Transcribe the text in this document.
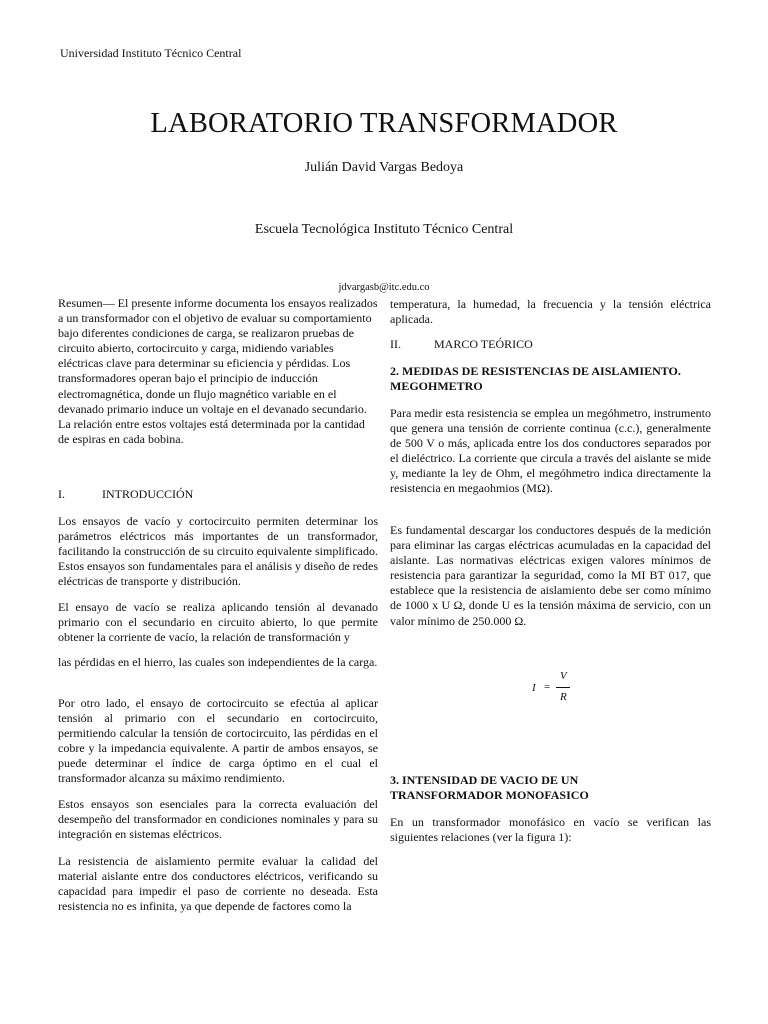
Universidad Instituto Técnico Central
LABORATORIO TRANSFORMADOR
Julián David Vargas Bedoya
Escuela Tecnológica Instituto Técnico Central
jdvargasb@itc.edu.co

Resumen— El presente informe documenta los ensayos realizados a un transformador con el objetivo de evaluar su comportamiento bajo diferentes condiciones de carga, se realizaron pruebas de circuito abierto, cortocircuito y carga, midiendo variables eléctricas clave para determinar su eficiencia y pérdidas. Los transformadores operan bajo el principio de inducción electromagnética, donde un flujo magnético variable en el devanado primario induce un voltaje en el devanado secundario. La relación entre estos voltajes está determinada por la cantidad de espiras en cada bobina.

I.	INTRODUCCIÓN

Los ensayos de vacío y cortocircuito permiten determinar los parámetros eléctricos más importantes de un transformador, facilitando la construcción de su circuito equivalente simplificado. Estos ensayos son fundamentales para el análisis y diseño de redes eléctricas de transporte y distribución.

El ensayo de vacío se realiza aplicando tensión al devanado primario con el secundario en circuito abierto, lo que permite obtener la corriente de vacío, la relación de transformación y

las pérdidas en el hierro, las cuales son independientes de la carga.

Por otro lado, el ensayo de cortocircuito se efectúa al aplicar tensión al primario con el secundario en cortocircuito, permitiendo calcular la tensión de cortocircuito, las pérdidas en el cobre y la impedancia equivalente. A partir de ambos ensayos, se puede determinar el índice de carga óptimo en el cual el transformador alcanza su máximo rendimiento.

Estos ensayos son esenciales para la correcta evaluación del desempeño del transformador en condiciones nominales y para su integración en sistemas eléctricos.

La resistencia de aislamiento permite evaluar la calidad del material aislante entre dos conductores eléctricos, verificando su capacidad para impedir el paso de corriente no deseada. Esta resistencia no es infinita, ya que depende de factores como la

temperatura, la humedad, la frecuencia y la tensión eléctrica aplicada.

II.	MARCO TEÓRICO
2. MEDIDAS DE RESISTENCIAS DE AISLAMIENTO. MEGOHMETRO

Para medir esta resistencia se emplea un megóhmetro, instrumento que genera una tensión de corriente continua (c.c.), generalmente de 500 V o más, aplicada entre los dos conductores separados por el dieléctrico. La corriente que circula a través del aislante se mide y, mediante la ley de Ohm, el megóhmetro indica directamente la resistencia en megaohmios (MΩ).

Es fundamental descargar los conductores después de la medición para eliminar las cargas eléctricas acumuladas en la capacidad del aislante. Las normativas eléctricas exigen valores mínimos de resistencia para garantizar la seguridad, como la MI BT 017, que establece que la resistencia de aislamiento debe ser como mínimo de 1000 x U Ω, donde U es la tensión máxima de servicio, con un valor mínimo de 250.000 Ω.

I =
V
R
3. INTENSIDAD DE VACIO DE UN TRANSFORMADOR MONOFASICO

En un transformador monofásico en vacío se verifican las siguientes relaciones (ver la figura 1):
